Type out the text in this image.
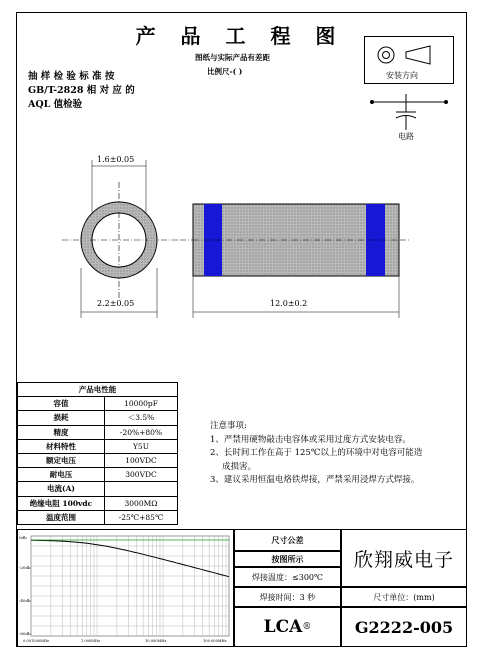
产 品 工 程 图
图纸与实际产品有差距
比例尺-( )
抽 样 检 验 标 准 按
GB/T-2828 相 对 应 的
AQL 值检验
安装方向
电路
1.6±0.05
2.2±0.05	12.0±0.2
产品电性能	
容值	10000pF
损耗	＜3.5%
精度	-20%+80%
材料特性	Y5U
额定电压	100VDC
耐电压	300VDC
电流(A)	
绝缘电阻 100vdc	3000MΩ
温度范围	-25℃+85℃
注意事项:
1、严禁用硬物敲击电容体或采用过度方式安装电容。
2、长时间工作在高于 125℃以上的环境中对电容可能造
成损害。
3、建议采用恒温电烙铁焊接，严禁采用浸焊方式焊接。
0db
-20db
-40db
-60db
0.001000MHz	1.000MHz	10.000MHz	100.000MHz
尺寸公差
按图所示
焊接温度：≤300℃
焊接时间：3 秒
欣翔威电子
尺寸单位：(mm)
LCA ®	G2222-005
